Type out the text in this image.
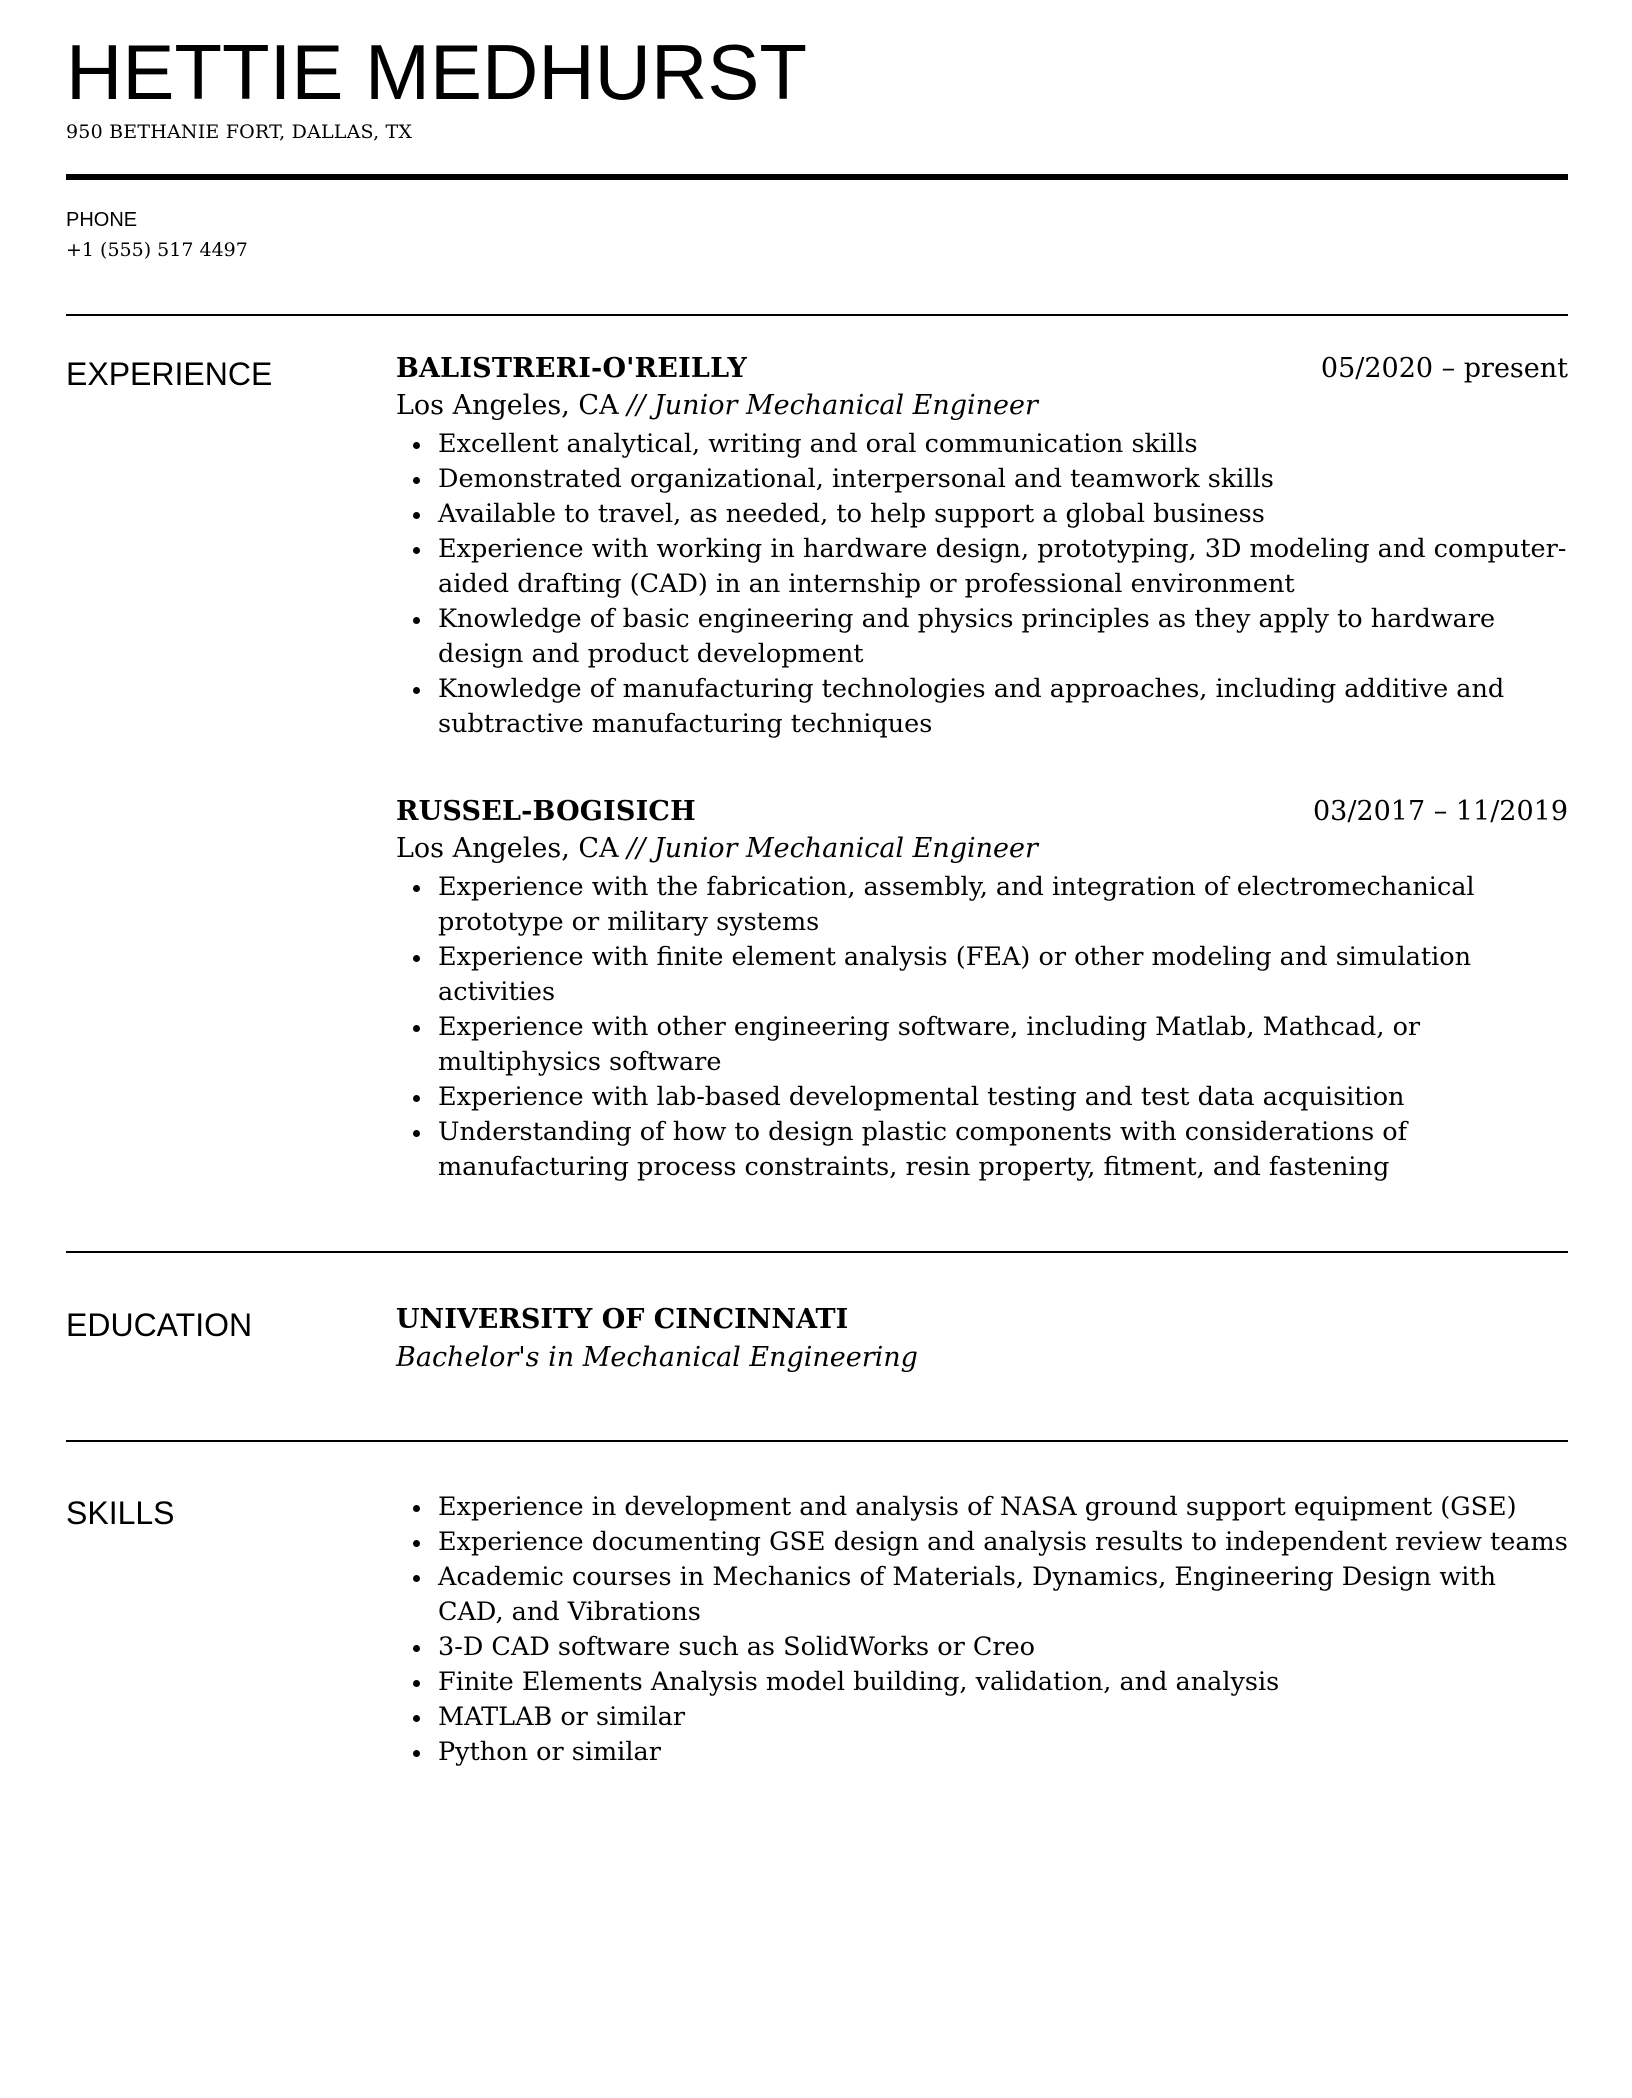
HETTIE MEDHURST
950 BETHANIE FORT, DALLAS, TX
PHONE
+1 (555) 517 4497
EXPERIENCE	BALISTRERI-O'REILLY	05/2020 – present
Los Angeles, CA // Junior Mechanical Engineer
Excellent analytical, writing and oral communication skills
Demonstrated organizational, interpersonal and teamwork skills
Available to travel, as needed, to help support a global business
Experience with working in hardware design, prototyping, 3D modeling and computer-aided drafting (CAD) in an internship or professional environment
Knowledge of basic engineering and physics principles as they apply to hardware design and product development
Knowledge of manufacturing technologies and approaches, including additive and subtractive manufacturing techniques
RUSSEL-BOGISICH	03/2017 – 11/2019
Los Angeles, CA // Junior Mechanical Engineer
Experience with the fabrication, assembly, and integration of electromechanical prototype or military systems
Experience with finite element analysis (FEA) or other modeling and simulation activities
Experience with other engineering software, including Matlab, Mathcad, or multiphysics software
Experience with lab-based developmental testing and test data acquisition
Understanding of how to design plastic components with considerations of manufacturing process constraints, resin property, fitment, and fastening
EDUCATION	UNIVERSITY OF CINCINNATI
Bachelor's in Mechanical Engineering
SKILLS	Experience in development and analysis of NASA ground support equipment (GSE)
Experience documenting GSE design and analysis results to independent review teams
Academic courses in Mechanics of Materials, Dynamics, Engineering Design with CAD, and Vibrations
3-D CAD software such as SolidWorks or Creo
Finite Elements Analysis model building, validation, and analysis
MATLAB or similar
Python or similar
